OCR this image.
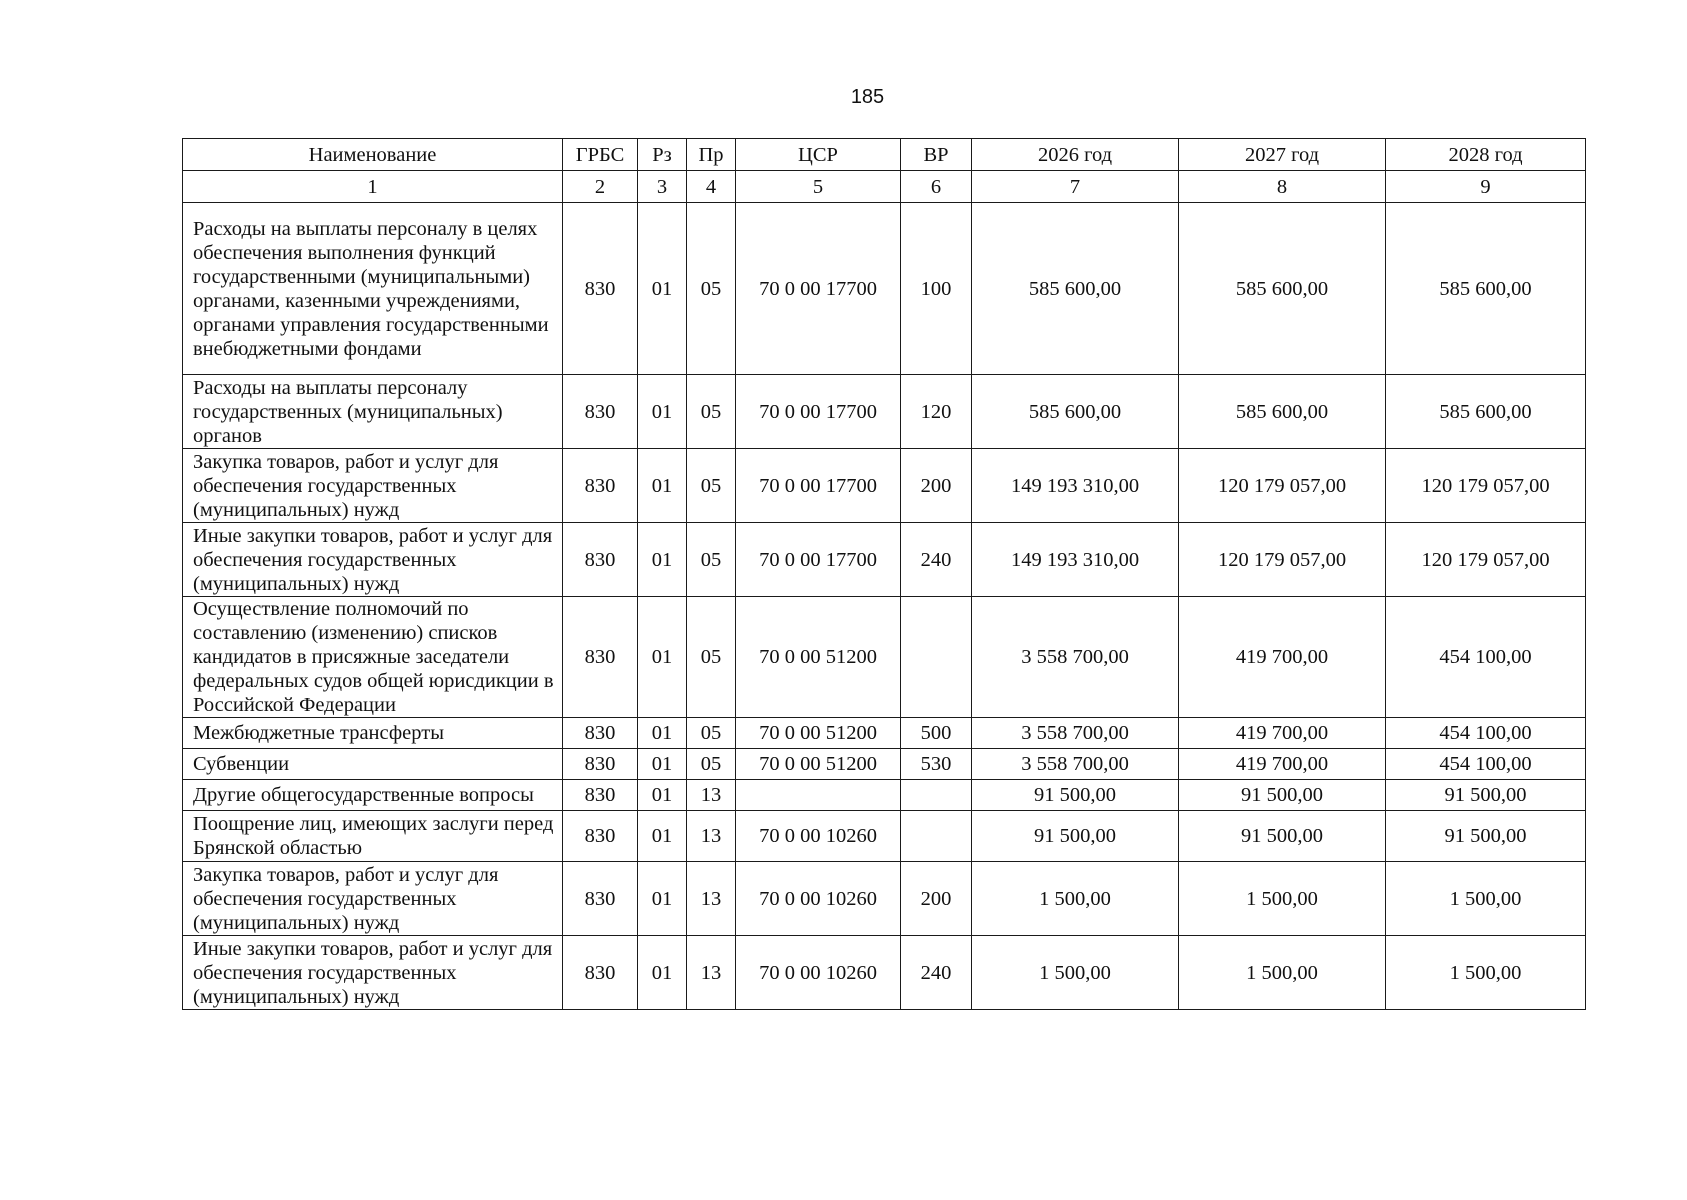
185
Наименование	ГРБС	Рз	Пр	ЦСР	ВР	2026 год	2027 год	2028 год
1	2	3	4	5	6	7	8	9
Расходы на выплаты персоналу в целях обеспечения выполнения функций государственными (муниципальными) органами, казенными учреждениями, органами управления государственными внебюджетными фондами	830	01	05	70 0 00 17700	100	585 600,00	585 600,00	585 600,00
Расходы на выплаты персоналу государственных (муниципальных) органов	830	01	05	70 0 00 17700	120	585 600,00	585 600,00	585 600,00
Закупка товаров, работ и услуг для обеспечения государственных (муниципальных) нужд	830	01	05	70 0 00 17700	200	149 193 310,00	120 179 057,00	120 179 057,00
Иные закупки товаров, работ и услуг для обеспечения государственных (муниципальных) нужд	830	01	05	70 0 00 17700	240	149 193 310,00	120 179 057,00	120 179 057,00
Осуществление полномочий по составлению (изменению) списков кандидатов в присяжные заседатели федеральных судов общей юрисдикции в Российской Федерации	830	01	05	70 0 00 51200		3 558 700,00	419 700,00	454 100,00
Межбюджетные трансферты	830	01	05	70 0 00 51200	500	3 558 700,00	419 700,00	454 100,00
Субвенции	830	01	05	70 0 00 51200	530	3 558 700,00	419 700,00	454 100,00
Другие общегосударственные вопросы	830	01	13			91 500,00	91 500,00	91 500,00
Поощрение лиц, имеющих заслуги перед Брянской областью	830	01	13	70 0 00 10260		91 500,00	91 500,00	91 500,00
Закупка товаров, работ и услуг для обеспечения государственных (муниципальных) нужд	830	01	13	70 0 00 10260	200	1 500,00	1 500,00	1 500,00
Иные закупки товаров, работ и услуг для обеспечения государственных (муниципальных) нужд	830	01	13	70 0 00 10260	240	1 500,00	1 500,00	1 500,00
